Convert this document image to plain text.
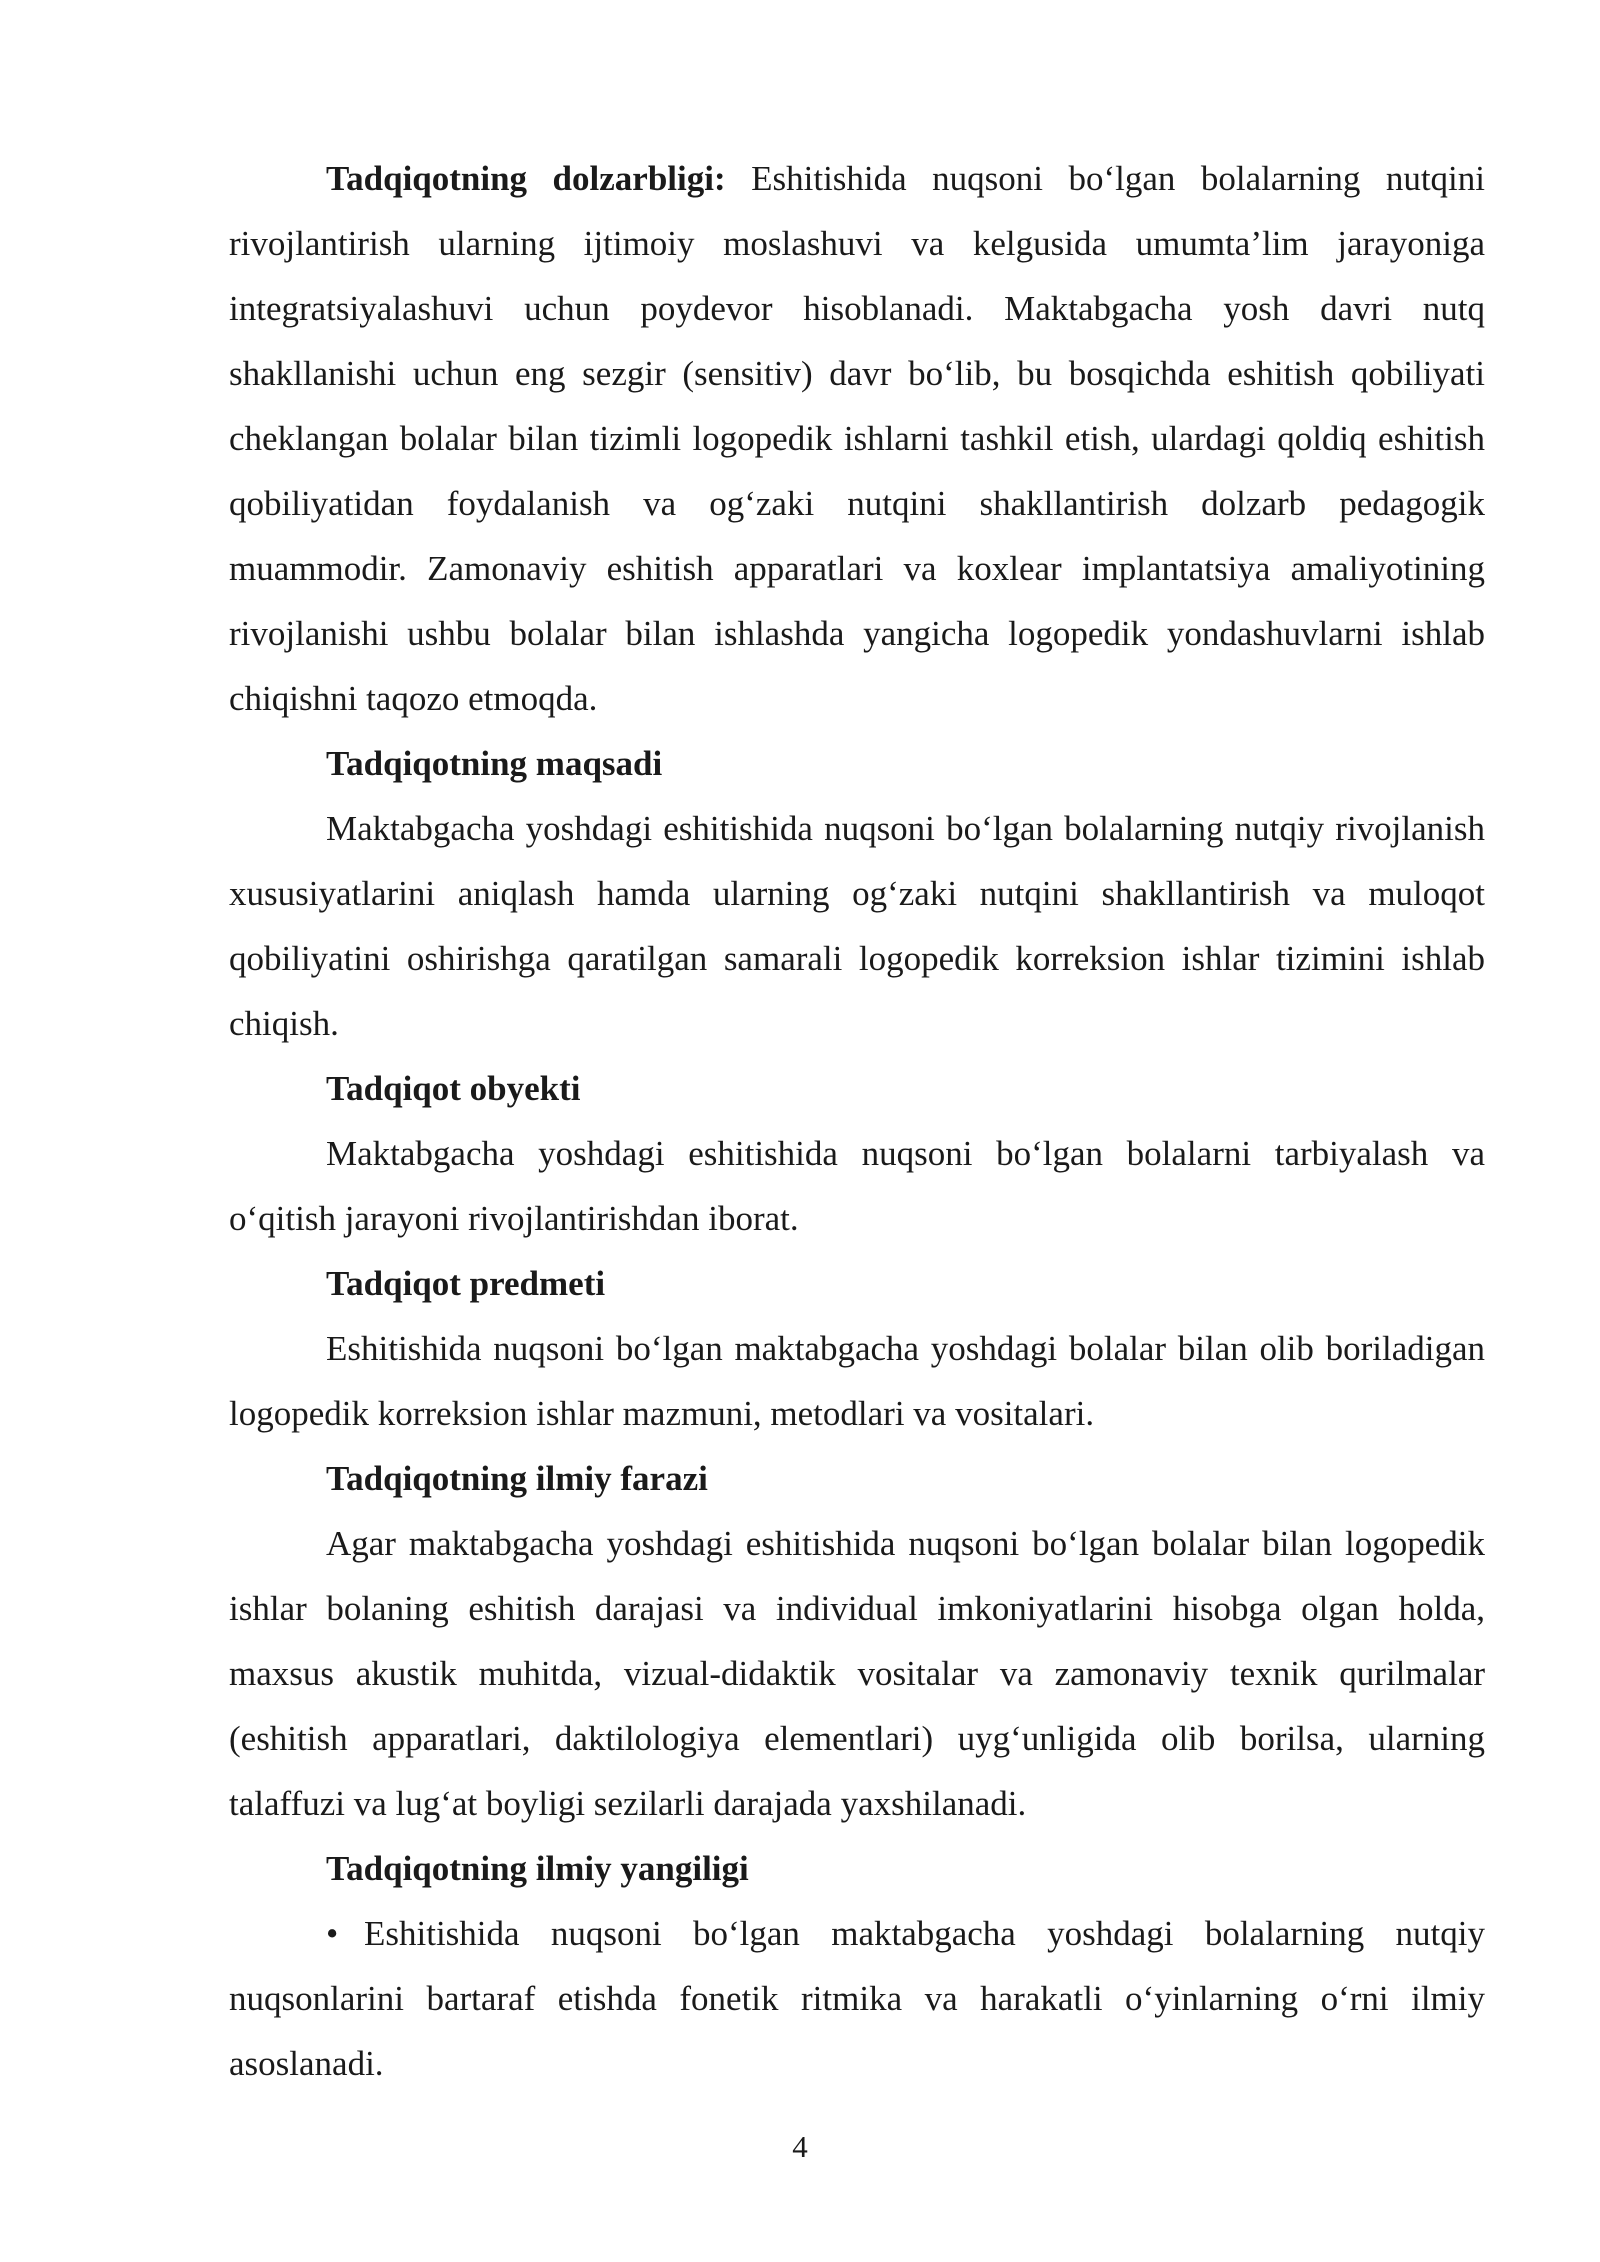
Tadqiqotning dolzarbligi: Eshitishida nuqsoni bo‘lgan bolalarning nutqini rivojlantirish ularning ijtimoiy moslashuvi va kelgusida umumta’lim jarayoniga integratsiyalashuvi uchun poydevor hisoblanadi. Maktabgacha yosh davri nutq shakllanishi uchun eng sezgir (sensitiv) davr bo‘lib, bu bosqichda eshitish qobiliyati cheklangan bolalar bilan tizimli logopedik ishlarni tashkil etish, ulardagi qoldiq eshitish qobiliyatidan foydalanish va og‘zaki nutqini shakllantirish dolzarb pedagogik muammodir. Zamonaviy eshitish apparatlari va koxlear implantatsiya amaliyotining rivojlanishi ushbu bolalar bilan ishlashda yangicha logopedik yondashuvlarni ishlab chiqishni taqozo etmoqda.

Tadqiqotning maqsadi

Maktabgacha yoshdagi eshitishida nuqsoni bo‘lgan bolalarning nutqiy rivojlanish xususiyatlarini aniqlash hamda ularning og‘zaki nutqini shakllantirish va muloqot qobiliyatini oshirishga qaratilgan samarali logopedik korreksion ishlar tizimini ishlab chiqish.

Tadqiqot obyekti

Maktabgacha yoshdagi eshitishida nuqsoni bo‘lgan bolalarni tarbiyalash va o‘qitish jarayoni rivojlantirishdan iborat.

Tadqiqot predmeti

Eshitishida nuqsoni bo‘lgan maktabgacha yoshdagi bolalar bilan olib boriladigan logopedik korreksion ishlar mazmuni, metodlari va vositalari.

Tadqiqotning ilmiy farazi

Agar maktabgacha yoshdagi eshitishida nuqsoni bo‘lgan bolalar bilan logopedik ishlar bolaning eshitish darajasi va individual imkoniyatlarini hisobga olgan holda, maxsus akustik muhitda, vizual-didaktik vositalar va zamonaviy texnik qurilmalar (eshitish apparatlari, daktilologiya elementlari) uyg‘unligida olib borilsa, ularning talaffuzi va lug‘at boyligi sezilarli darajada yaxshilanadi.

Tadqiqotning ilmiy yangiligi

• Eshitishida nuqsoni bo‘lgan maktabgacha yoshdagi bolalarning nutqiy nuqsonlarini bartaraf etishda fonetik ritmika va harakatli o‘yinlarning o‘rni ilmiy asoslanadi.

4
